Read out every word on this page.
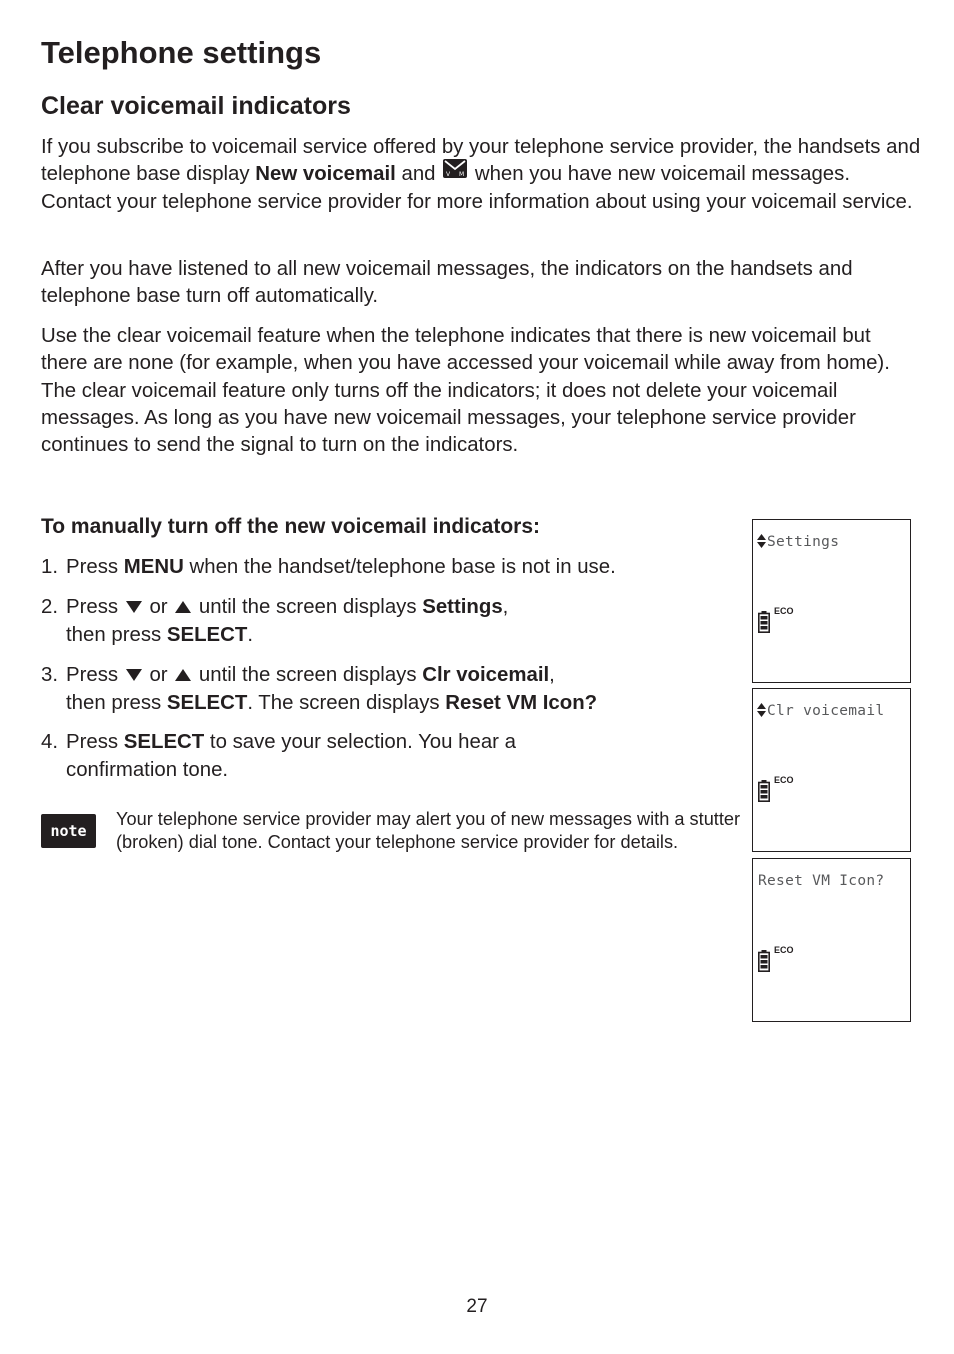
Telephone settings
Clear voicemail indicators
If you subscribe to voicemail service offered by your telephone service provider, the handsets and telephone base display New voicemail and V M when you have new voicemail messages. Contact your telephone service provider for more information about using your voicemail service.
After you have listened to all new voicemail messages, the indicators on the handsets and telephone base turn off automatically.
Use the clear voicemail feature when the telephone indicates that there is new voicemail but there are none (for example, when you have accessed your voicemail while away from home). The clear voicemail feature only turns off the indicators; it does not delete your voicemail messages. As long as you have new voicemail messages, your telephone service provider continues to send the signal to turn on the indicators.
To manually turn off the new voicemail indicators:
1. Press MENU when the handset/telephone base is not in use.
2. Press  or  until the screen displays Settings,
then press SELECT.
3. Press  or  until the screen displays Clr voicemail,
then press SELECT. The screen displays Reset VM Icon?
4. Press SELECT to save your selection. You hear a
confirmation tone.
note
Your telephone service provider may alert you of new messages with a stutter (broken) dial tone. Contact your telephone service provider for details.
Settings
ECO
Clr voicemail
ECO
Reset VM Icon?
ECO
27
